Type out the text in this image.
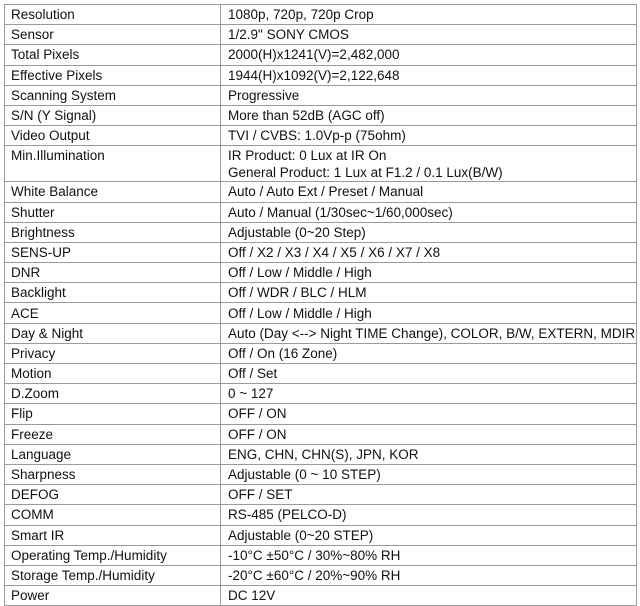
Resolution	1080p, 720p, 720p Crop

Sensor	1/2.9" SONY CMOS

Total Pixels	2000(H)x1241(V)=2,482,000

Effective Pixels	1944(H)x1092(V)=2,122,648

Scanning System	Progressive

S/N (Y Signal)	More than 52dB (AGC off)

Video Output	TVI / CVBS: 1.0Vp-p (75ohm)

Min.Illumination	IR Product: 0 Lux at IR On
General Product: 1 Lux at F1.2 / 0.1 Lux(B/W)

White Balance	Auto / Auto Ext / Preset / Manual

Shutter	Auto / Manual (1/30sec~1/60,000sec)

Brightness	Adjustable (0~20 Step)

SENS-UP	Off / X2 / X3 / X4 / X5 / X6 / X7 / X8

DNR	Off / Low / Middle / High

Backlight	Off / WDR / BLC / HLM

ACE	Off / Low / Middle / High

Day & Night	Auto (Day <--> Night TIME Change), COLOR, B/W, EXTERN, MDIR

Privacy	Off / On (16 Zone)

Motion	Off / Set

D.Zoom	0 ~ 127

Flip	OFF / ON

Freeze	OFF / ON

Language	ENG, CHN, CHN(S), JPN, KOR

Sharpness	Adjustable (0 ~ 10 STEP)

DEFOG	OFF / SET

COMM	RS-485 (PELCO-D)

Smart IR	Adjustable (0~20 STEP)

Operating Temp./Humidity	-10°C ±50°C / 30%~80% RH

Storage Temp./Humidity	-20°C ±60°C / 20%~90% RH

Power	DC 12V
